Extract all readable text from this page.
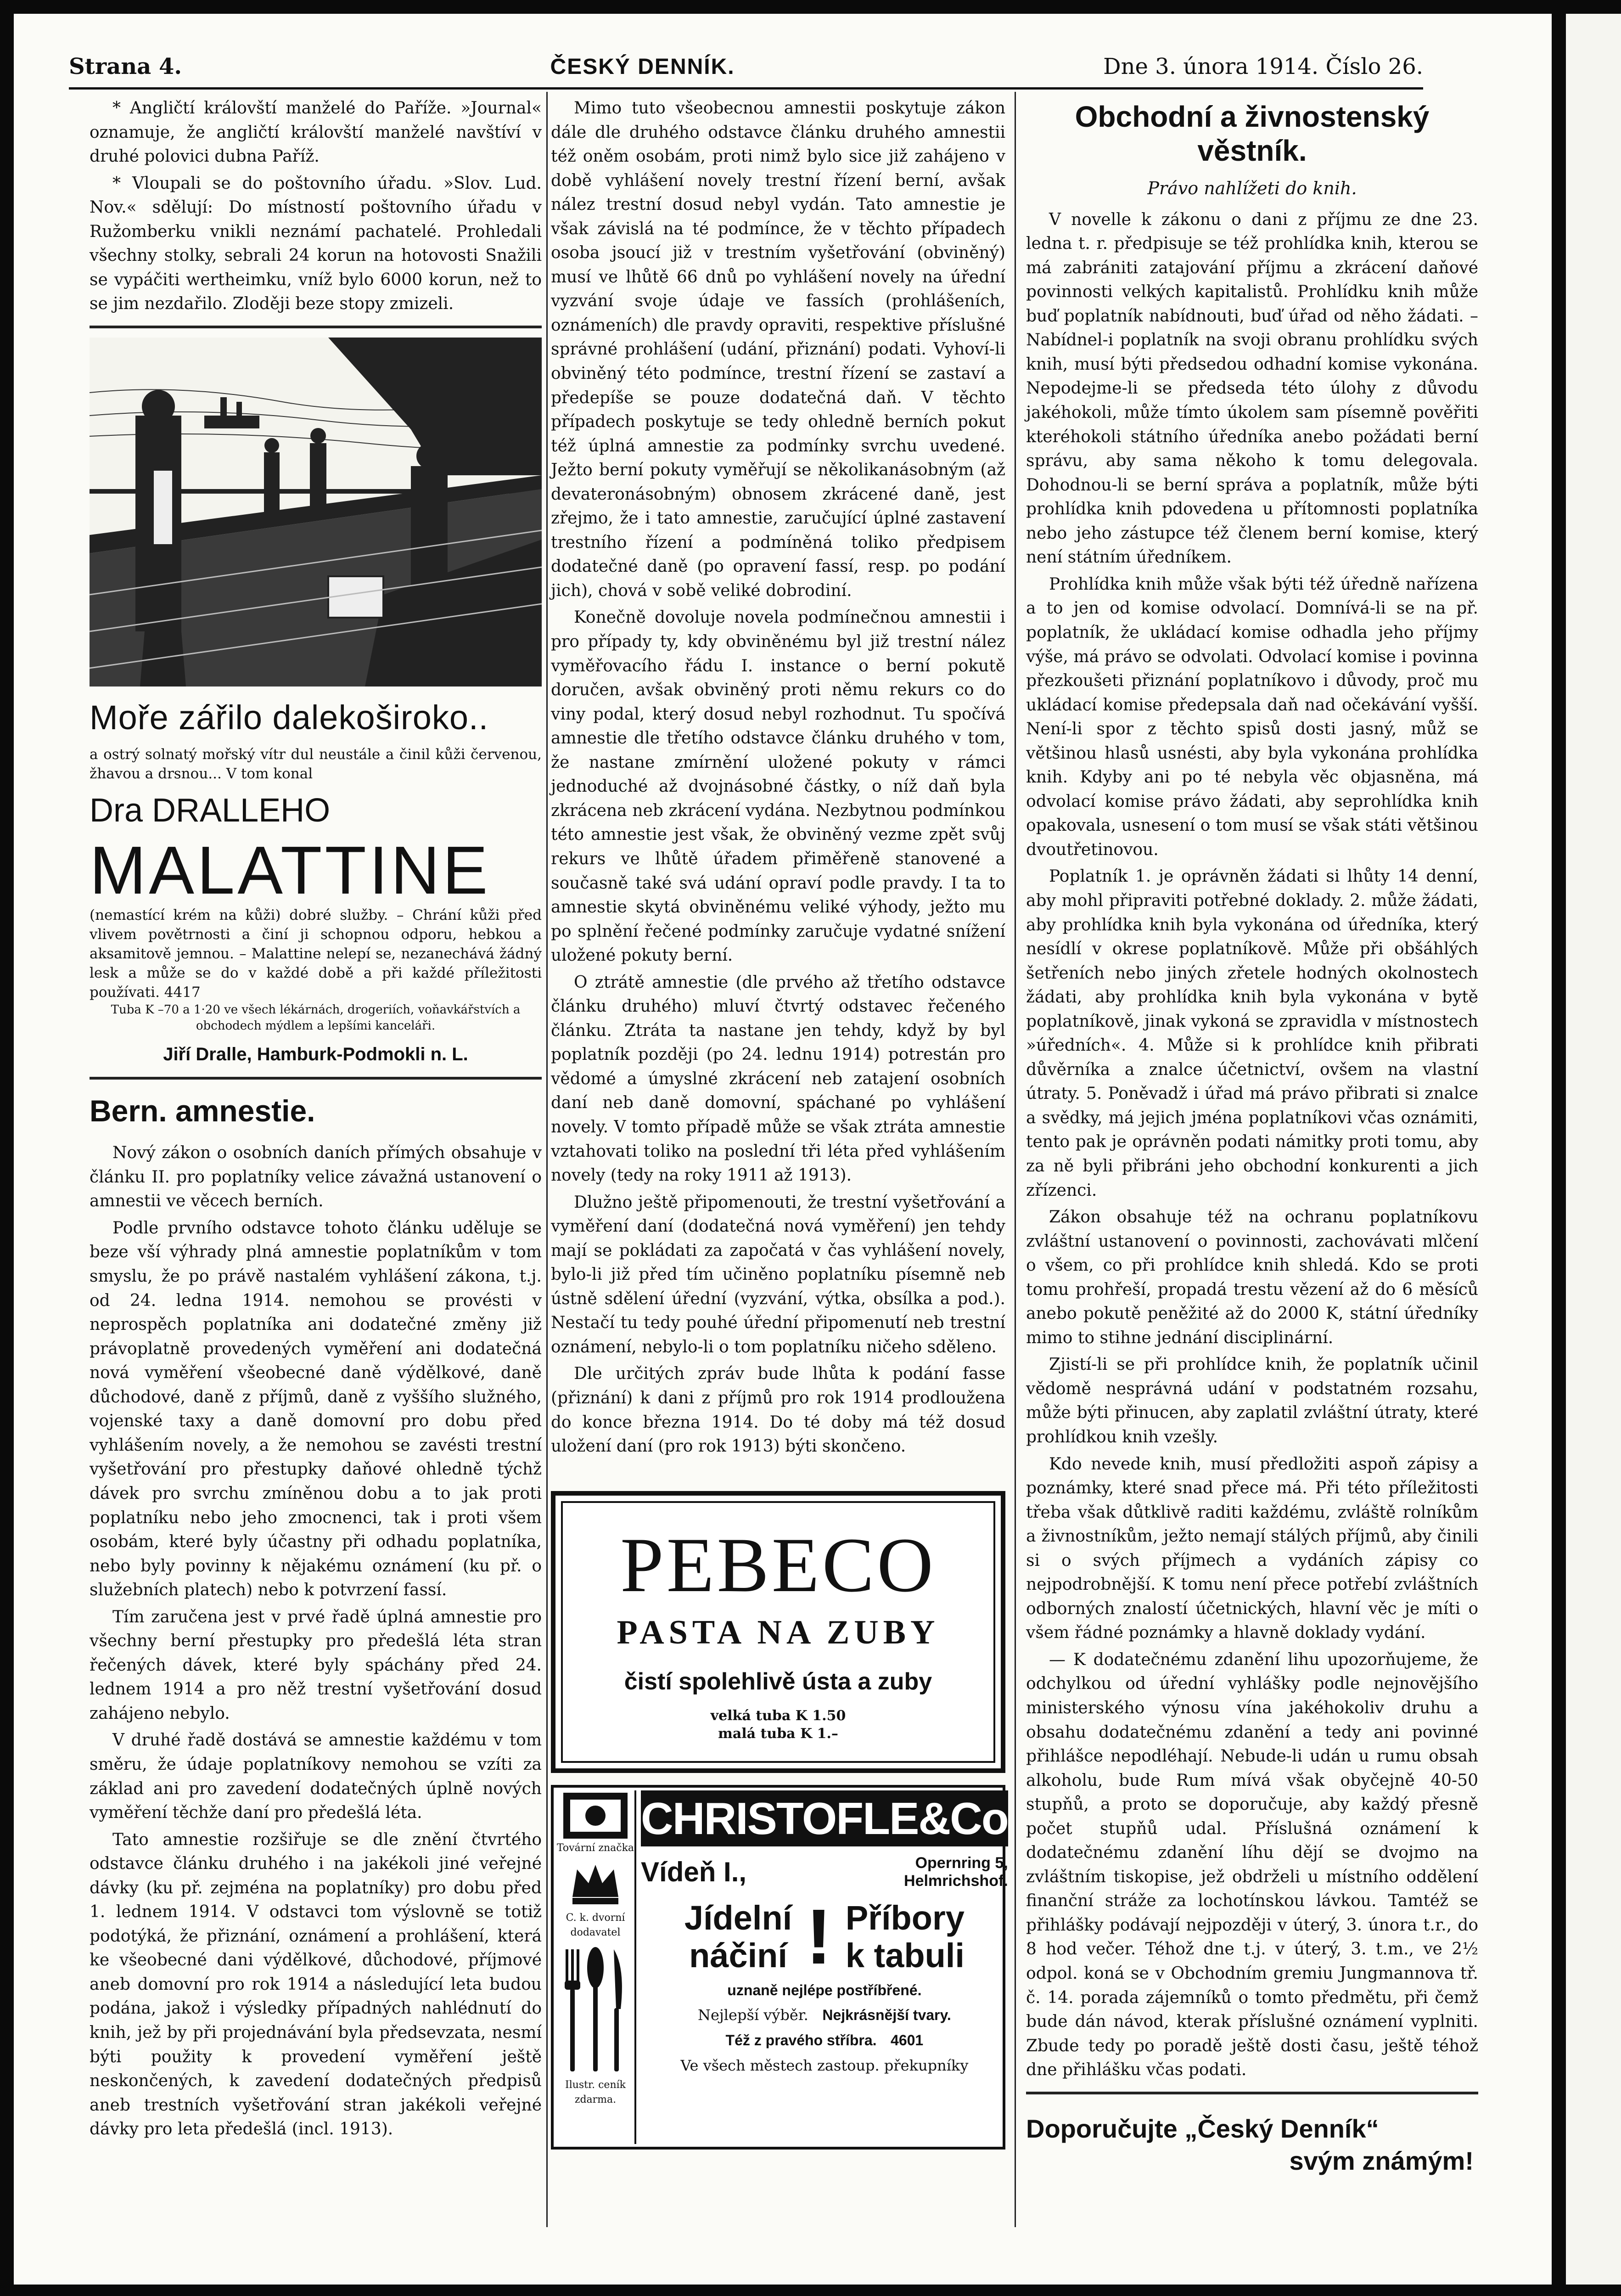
Strana 4.	ČESKÝ DENNÍK.	Dne 3. února 1914. Číslo 26.

* Angličtí královští manželé do Paříže. »Journal« oznamuje, že angličtí královští manželé navštíví v druhé polovici dubna Paříž.

* Vloupali se do poštovního úřadu. »Slov. Lud. Nov.« sdělují: Do místností poštovního úřadu v Ružomberku vnikli neznámí pachatelé. Prohledali všechny stolky, sebrali 24 korun na hotovosti Snažili se vypáčiti wertheimku, vníž bylo 6000 korun, než to se jim nezdařilo. Zloději beze stopy zmizeli.

Moře zářilo dalekoširoko..
a ostrý solnatý mořský vítr dul neustále a činil kůži červenou, žhavou a drsnou... V tom konal
Dra DRALLEHO
MALATTINE
(nemastící krém na kůži) dobré služby. – Chrání kůži před vlivem povětrnosti a činí ji schopnou odporu, hebkou a aksamitově jemnou. – Malattine nelepí se, nezanechává žádný lesk a může se do v každé době a při každé příležitosti používati. 4417
Tuba K –70 a 1·20 ve všech lékárnách, drogeriích, voňavkářstvích a obchodech mýdlem a lepšími kanceláři.
Jiří Dralle, Hamburk-Podmokli n. L.
Bern. amnestie.

Nový zákon o osobních daních přímých obsahuje v článku II. pro poplatníky velice závažná ustanovení o amnestii ve věcech berních.

Podle prvního odstavce tohoto článku uděluje se beze vší výhrady plná amnestie poplatníkům v tom smyslu, že po právě nastalém vyhlášení zákona, t.j. od 24. ledna 1914. nemohou se provésti v neprospěch poplatníka ani dodatečné změny již právoplatně provedených vyměření ani dodatečná nová vyměření všeobecné daně výdělkové, daně důchodové, daně z příjmů, daně z vyššího služného, vojenské taxy a daně domovní pro dobu před vyhlášením novely, a že nemohou se zavésti trestní vyšetřování pro přestupky daňové ohledně týchž dávek pro svrchu zmíněnou dobu a to jak proti poplatníku nebo jeho zmocnenci, tak i proti všem osobám, které byly účastny při odhadu poplatníka, nebo byly povinny k nějakému oznámení (ku př. o služebních platech) nebo k potvrzení fassí.

Tím zaručena jest v prvé řadě úplná amnestie pro všechny berní přestupky pro předešlá léta stran řečených dávek, které byly spáchány před 24. lednem 1914 a pro něž trestní vyšetřování dosud zahájeno nebylo.

V druhé řadě dostává se amnestie každému v tom směru, že údaje poplatníkovy nemohou se vzíti za základ ani pro zavedení dodatečných úplně nových vyměření těchže daní pro předešlá léta.

Tato amnestie rozšiřuje se dle znění čtvrtého odstavce článku druhého i na jakékoli jiné veřejné dávky (ku př. zejména na poplatníky) pro dobu před 1. lednem 1914. V odstavci tom výslovně se totiž podotýká, že přiznání, oznámení a prohlášení, která ke všeobecné dani výdělkové, důchodové, příjmové aneb domovní pro rok 1914 a následující leta budou podána, jakož i výsledky případných nahlédnutí do knih, jež by při projednávání byla předsevzata, nesmí býti použity k provedení vyměření ještě neskončených, k zavedení dodatečných předpisů aneb trestních vyšetřování stran jakékoli veřejné dávky pro leta předešlá (incl. 1913).

Mimo tuto všeobecnou amnestii poskytuje zákon dále dle druhého odstavce článku druhého amnestii též oněm osobám, proti nimž bylo sice již zahájeno v době vyhlášení novely trestní řízení berní, avšak nález trestní dosud nebyl vydán. Tato amnestie je však závislá na té podmínce, že v těchto případech osoba jsoucí již v trestním vyšetřování (obviněný) musí ve lhůtě 66 dnů po vyhlášení novely na úřední vyzvání svoje údaje ve fassích (prohlášeních, oznámeních) dle pravdy opraviti, respektive příslušné správné prohlášení (udání, přiznání) podati. Vyhoví-li obviněný této podmínce, trestní řízení se zastaví a předepíše se pouze dodatečná daň. V těchto případech poskytuje se tedy ohledně berních pokut též úplná amnestie za podmínky svrchu uvedené. Ježto berní pokuty vyměřují se několikanásobným (až devateronásobným) obnosem zkrácené daně, jest zřejmo, že i tato amnestie, zaručující úplné zastavení trestního řízení a podmíněná toliko předpisem dodatečné daně (po opravení fassí, resp. po podání jich), chová v sobě veliké dobrodiní.

Konečně dovoluje novela podmínečnou amnestii i pro případy ty, kdy obviněnému byl již trestní nález vyměřovacího řádu I. instance o berní pokutě doručen, avšak obviněný proti němu rekurs co do viny podal, který dosud nebyl rozhodnut. Tu spočívá amnestie dle třetího odstavce článku druhého v tom, že nastane zmírnění uložené pokuty v rámci jednoduché až dvojnásobné částky, o níž daň byla zkrácena neb zkrácení vydána. Nezbytnou podmínkou této amnestie jest však, že obviněný vezme zpět svůj rekurs ve lhůtě úřadem přiměřeně stanovené a současně také svá udání opraví podle pravdy. I ta to amnestie skytá obviněnému veliké výhody, ježto mu po splnění řečené podmínky zaručuje vydatné snížení uložené pokuty berní.

O ztrátě amnestie (dle prvého až třetího odstavce článku druhého) mluví čtvrtý odstavec řečeného článku. Ztráta ta nastane jen tehdy, když by byl poplatník později (po 24. lednu 1914) potrestán pro vědomé a úmyslné zkrácení neb zatajení osobních daní neb daně domovní, spáchané po vyhlášení novely. V tomto případě může se však ztráta amnestie vztahovati toliko na poslední tři léta před vyhlášením novely (tedy na roky 1911 až 1913).

Dlužno ještě připomenouti, že trestní vyšetřování a vyměření daní (dodatečná nová vyměření) jen tehdy mají se pokládati za započatá v čas vyhlášení novely, bylo-li již před tím učiněno poplatníku písemně neb ústně sdělení úřední (vyzvání, výtka, obsílka a pod.). Nestačí tu tedy pouhé úřední připomenutí neb trestní oznámení, nebylo-li o tom poplatníku ničeho sděleno.

Dle určitých zpráv bude lhůta k podání fasse (přiznání) k dani z příjmů pro rok 1914 prodloužena do konce března 1914. Do té doby má též dosud uložení daní (pro rok 1913) býti skončeno.

PEBECO
PASTA NA ZUBY
čistí spolehlivě ústa a zuby
velká tuba K 1.50
malá tuba K 1.–
Tovární značka
C. k. dvorní dodavatel
Ilustr. ceník zdarma.
CHRISTOFLE&Co
Vídeň I.,	Opernring 5,
Helmrichshof.
Jídelní
náčiní ! Příbory
k tabuli
uznaně nejlépe postříbřené.
Nejlepší výběr. Nejkrásnější tvary.
Též z pravého stříbra. 4601
Ve všech městech zastoup. překupníky
Obchodní a živnostenský věstník.
Právo nahlížeti do knih.

V novelle k zákonu o dani z příjmu ze dne 23. ledna t. r. předpisuje se též prohlídka knih, kterou se má zabrániti zatajování příjmu a zkrácení daňové povinnosti velkých kapitalistů. Prohlídku knih může buď poplatník nabídnouti, buď úřad od něho žádati. – Nabídnel-i poplatník na svoji obranu prohlídku svých knih, musí býti předsedou odhadní komise vykonána. Nepodejme-li se předseda této úlohy z důvodu jakéhokoli, může tímto úkolem sam písemně pověřiti kteréhokoli státního úředníka anebo požádati berní správu, aby sama někoho k tomu delegovala. Dohodnou-li se berní správa a poplatník, může býti prohlídka knih pdovedena u přítomnosti poplatníka nebo jeho zástupce též členem berní komise, který není státním úředníkem.

Prohlídka knih může však býti též úředně nařízena a to jen od komise odvolací. Domnívá-li se na př. poplatník, že ukládací komise odhadla jeho příjmy výše, má právo se odvolati. Odvolací komise i povinna přezkoušeti přiznání poplatníkovo i důvody, proč mu ukládací komise předepsala daň nad očekávání vyšší. Není-li spor z těchto spisů dosti jasný, můž se většinou hlasů usnésti, aby byla vykonána prohlídka knih. Kdyby ani po té nebyla věc objasněna, má odvolací komise právo žádati, aby seprohlídka knih opakovala, usnesení o tom musí se však státi většinou dvoutřetinovou.

Poplatník 1. je oprávněn žádati si lhůty 14 denní, aby mohl připraviti potřebné doklady. 2. může žádati, aby prohlídka knih byla vykonána od úředníka, který nesídlí v okrese poplatníkově. Může při obšáhlých šetřeních nebo jiných zřetele hodných okolnostech žádati, aby prohlídka knih byla vykonána v bytě poplatníkově, jinak vykoná se zpravidla v místnostech »úředních«. 4. Může si k prohlídce knih přibrati důvěrníka a znalce účetnictví, ovšem na vlastní útraty. 5. Poněvadž i úřad má právo přibrati si znalce a svědky, má jejich jména poplatníkovi včas oznámiti, tento pak je oprávněn podati námitky proti tomu, aby za ně byli přibráni jeho obchodní konkurenti a jich zřízenci.

Zákon obsahuje též na ochranu poplatníkovu zvláštní ustanovení o povinnosti, zachovávati mlčení o všem, co při prohlídce knih shledá. Kdo se proti tomu prohřeší, propadá trestu vězení až do 6 měsíců anebo pokutě peněžité až do 2000 K, státní úředníky mimo to stihne jednání disciplinární.

Zjistí-li se při prohlídce knih, že poplatník učinil vědomě nesprávná udání v podstatném rozsahu, může býti přinucen, aby zaplatil zvláštní útraty, které prohlídkou knih vzešly.

Kdo nevede knih, musí předložiti aspoň zápisy a poznámky, které snad přece má. Při této příležitosti třeba však důtklivě raditi každému, zvláště rolníkům a živnostníkům, ježto nemají stálých příjmů, aby činili si o svých příjmech a vydáních zápisy co nejpodrobnější. K tomu není přece potřebí zvláštních odborných znalostí účetnických, hlavní věc je míti o všem řádné poznámky a hlavně doklady vydání.

— K dodatečnému zdanění lihu upozorňujeme, že odchylkou od úřední vyhlášky podle nejnovějšího ministerského výnosu vína jakéhokoliv druhu a obsahu dodatečnému zdanění a tedy ani povinné přihlášce nepodléhají. Nebude-li udán u rumu obsah alkoholu, bude Rum mívá však obyčejně 40-50 stupňů, a proto se doporučuje, aby každý přesně počet stupňů udal. Příslušná oznámení k dodatečnému zdanění líhu dějí se dvojmo na zvláštním tiskopise, jež obdrželi u místního oddělení finanční stráže za lochotínskou lávkou. Tamtéž se přihlášky podávají nejpozději v úterý, 3. února t.r., do 8 hod večer. Téhož dne t.j. v úterý, 3. t.m., ve 2½ odpol. koná se v Obchodním gremiu Jungmannova tř. č. 14. porada zájemníků o tomto předmětu, při čemž bude dán návod, kterak příslušné oznámení vyplniti. Zbude tedy po poradě ještě dosti času, ještě téhož dne přihlášku včas podati.

Doporučujte „Český Denník“
svým známým!
